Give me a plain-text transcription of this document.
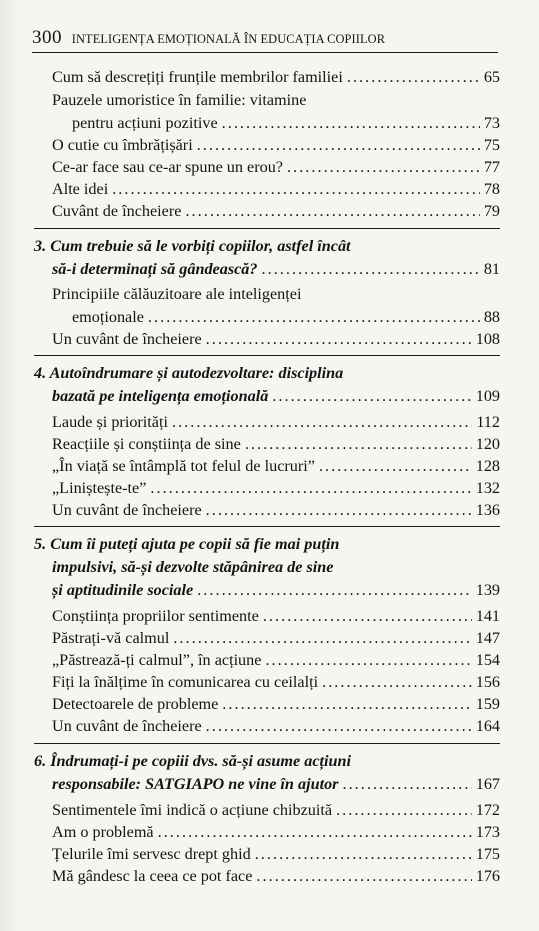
300 INTELIGENȚA EMOȚIONALĂ ÎN EDUCAȚIA COPIILOR
Cum să descrețiți frunțile membrilor familiei . . .	65
Pauzele umoristice în familie: vitamine
pentru acțiuni pozitive . . .	73
O cutie cu îmbrățișări . . .	75
Ce-ar face sau ce-ar spune un erou? . . .	77
Alte idei . . .	78
Cuvânt de încheiere . . .	79
3. Cum trebuie să le vorbiți copiilor, astfel încât
să-i determinați să gândească? . . .	81
Principiile călăuzitoare ale inteligenței
emoționale . . .	88
Un cuvânt de încheiere . . .	108
4. Autoîndrumare și autodezvoltare: disciplina
bazată pe inteligența emoțională . . .	109
Laude și priorități . . .	112
Reacțiile și conștiința de sine . . .	120
„În viață se întâmplă tot felul de lucruri” . . .	128
„Liniștește-te” . . .	132
Un cuvânt de încheiere . . .	136
5. Cum îi puteți ajuta pe copii să fie mai puțin
impulsivi, să-și dezvolte stăpânirea de sine
și aptitudinile sociale . . .	139
Conștiința propriilor sentimente . . .	141
Păstrați-vă calmul . . .	147
„Păstrează-ți calmul”, în acțiune . . .	154
Fiți la înălțime în comunicarea cu ceilalți . . .	156
Detectoarele de probleme . . .	159
Un cuvânt de încheiere . . .	164
6. Îndrumați-i pe copiii dvs. să-și asume acțiuni
responsabile: SATGIAPO ne vine în ajutor . . .	167
Sentimentele îmi indică o acțiune chibzuită . . .	172
Am o problemă . . .	173
Țelurile îmi servesc drept ghid . . .	175
Mă gândesc la ceea ce pot face . . .	176
